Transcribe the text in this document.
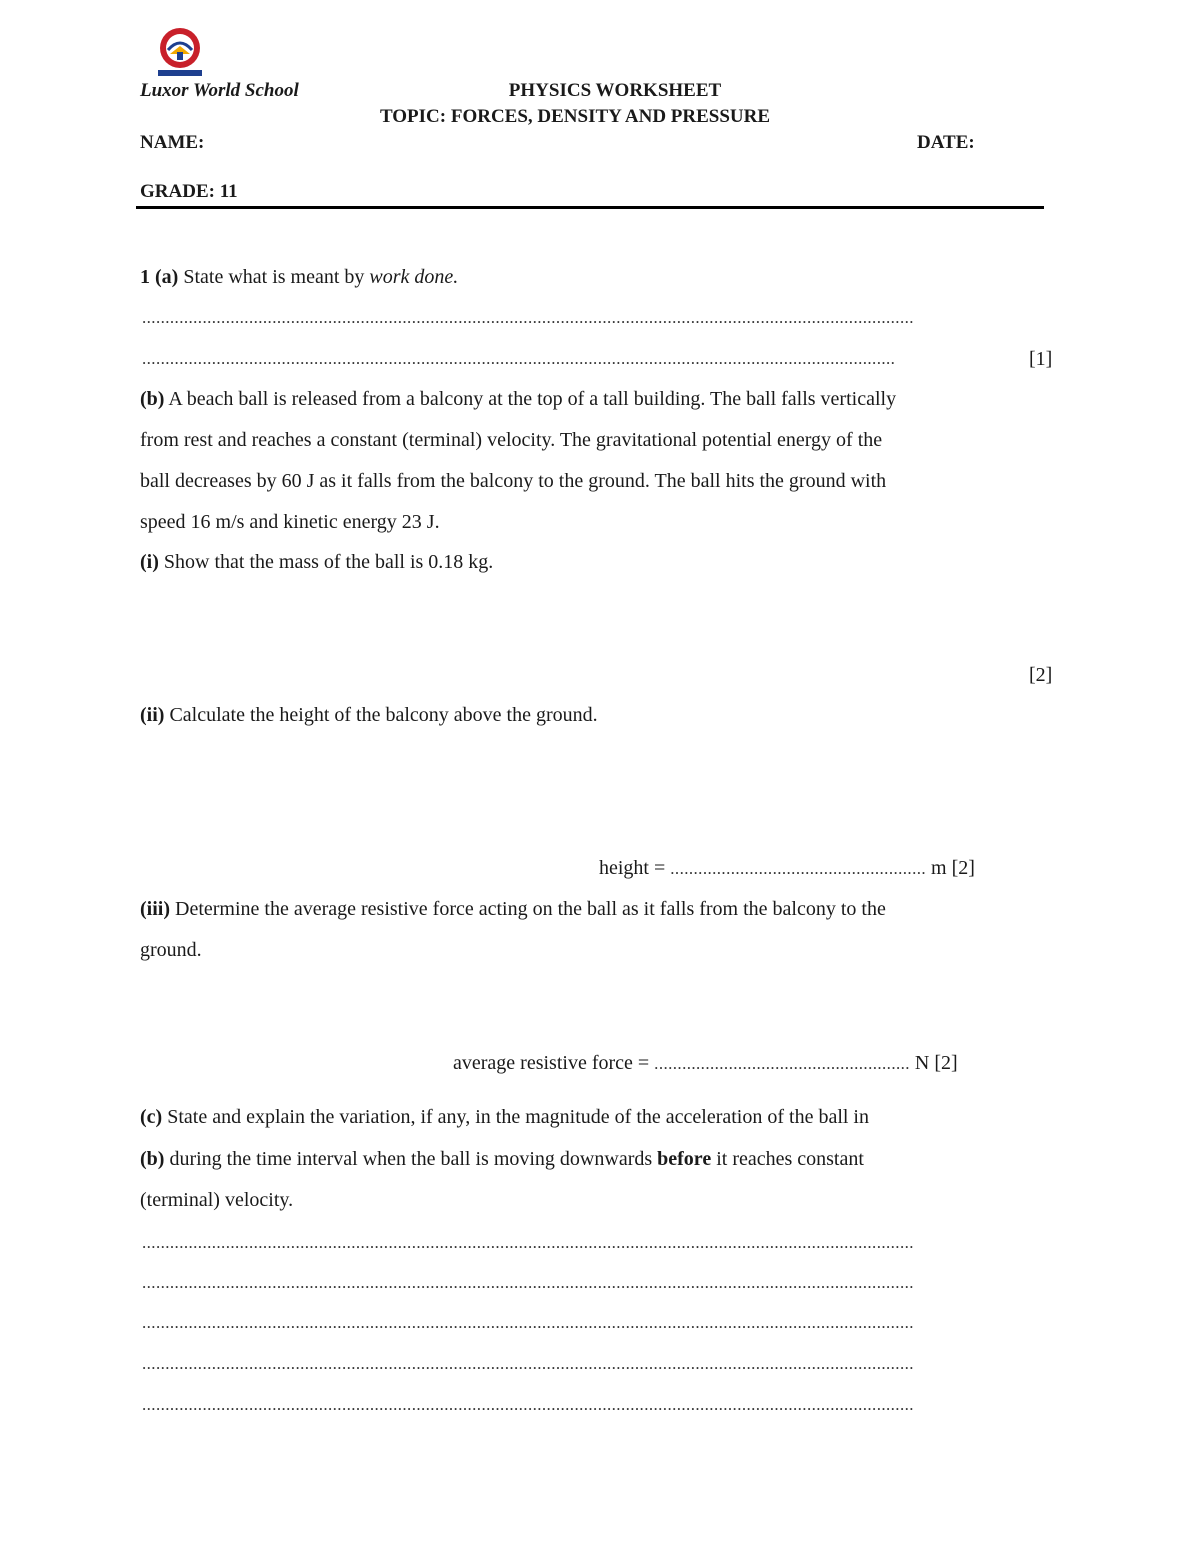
Luxor World School	PHYSICS WORKSHEET
TOPIC: FORCES, DENSITY AND PRESSURE
NAME:	DATE:
GRADE: 11
1 (a) State what is meant by work done.
......................................................................................................................................................................
..................................................................................................................................................................	[1]
(b) A beach ball is released from a balcony at the top of a tall building. The ball falls vertically
from rest and reaches a constant (terminal) velocity. The gravitational potential energy of the
ball decreases by 60 J as it falls from the balcony to the ground. The ball hits the ground with
speed 16 m/s and kinetic energy 23 J.
(i) Show that the mass of the ball is 0.18 kg.
[2]
(ii) Calculate the height of the balcony above the ground.
height = ....................................................... m [2]
(iii) Determine the average resistive force acting on the ball as it falls from the balcony to the
ground.
average resistive force = ....................................................... N [2]
(c) State and explain the variation, if any, in the magnitude of the acceleration of the ball in
(b) during the time interval when the ball is moving downwards before it reaches constant
(terminal) velocity.
......................................................................................................................................................................
......................................................................................................................................................................
......................................................................................................................................................................
......................................................................................................................................................................
......................................................................................................................................................................
